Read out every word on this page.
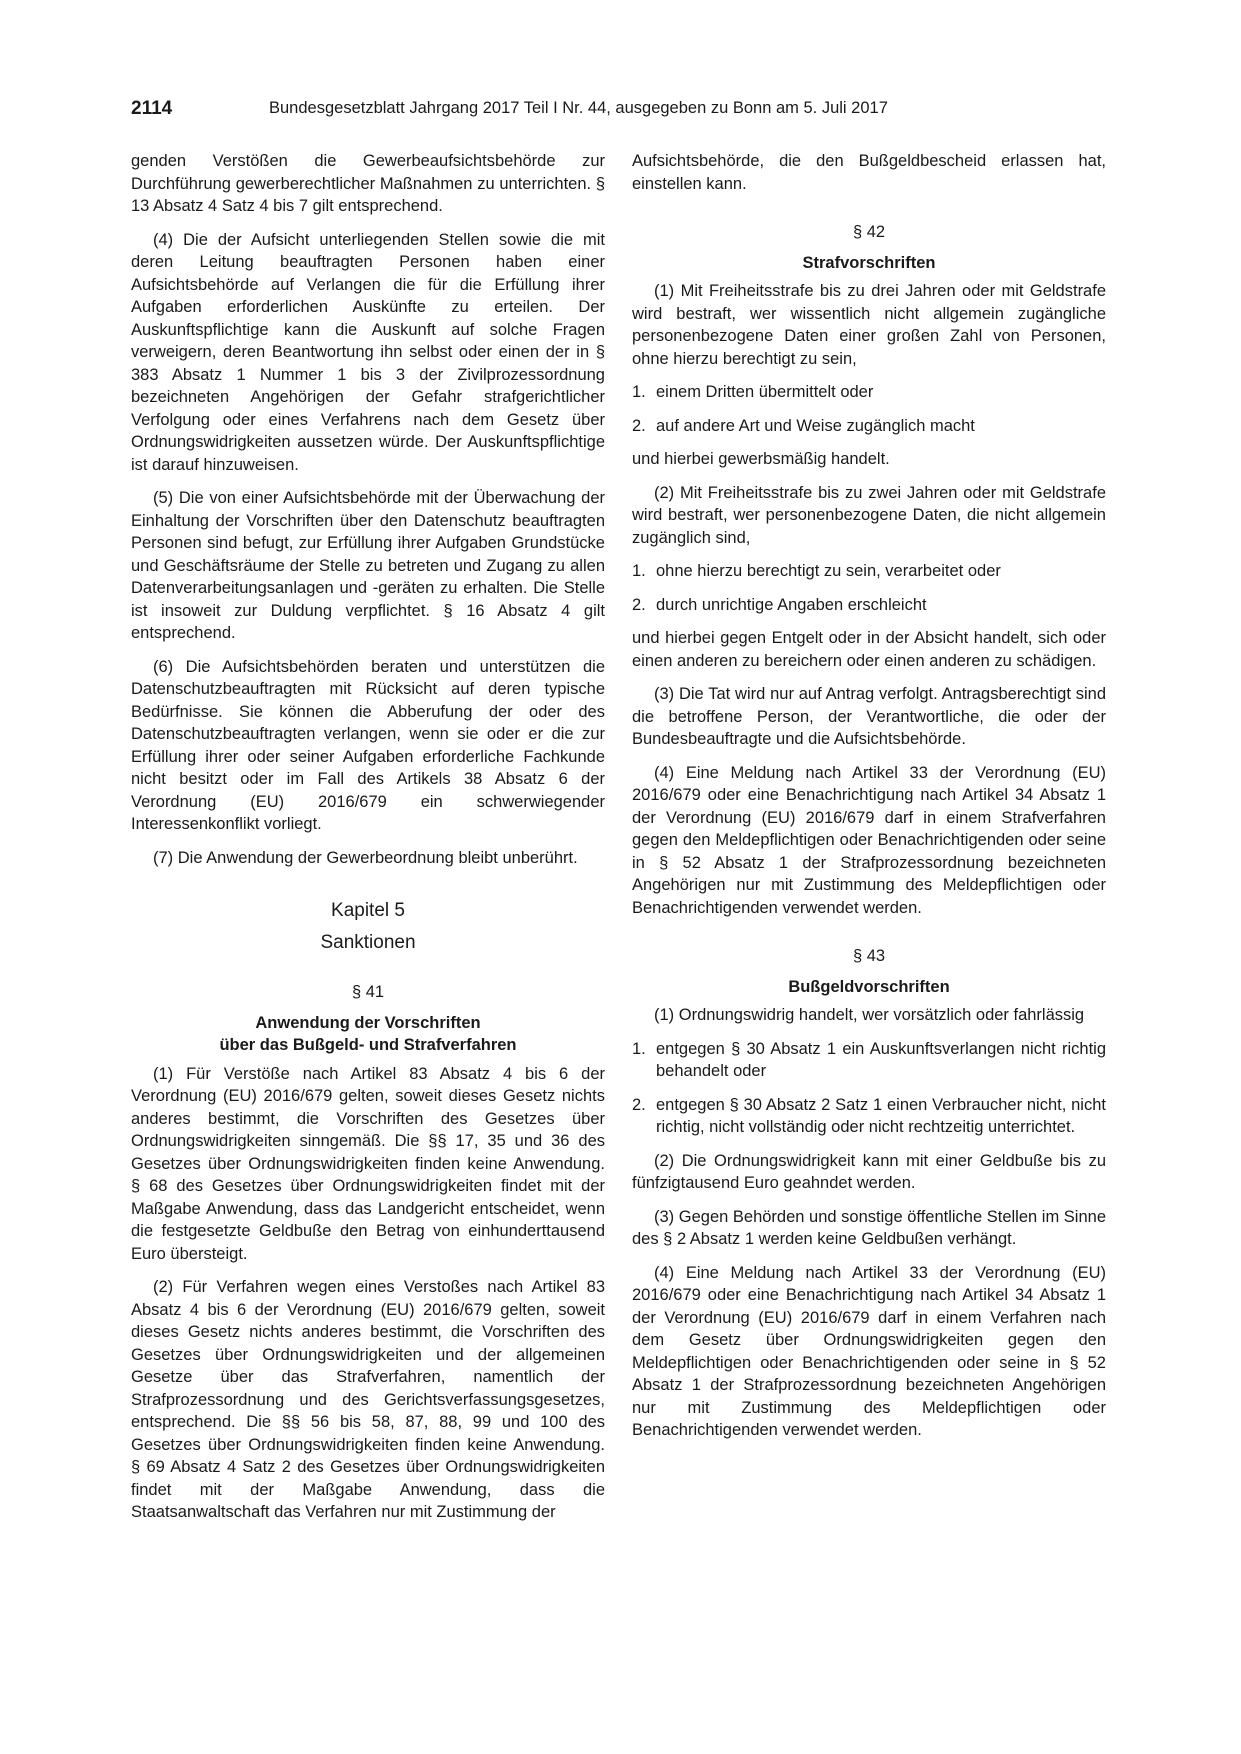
2114	Bundesgesetzblatt Jahrgang 2017 Teil I Nr. 44, ausgegeben zu Bonn am 5. Juli 2017

genden Verstößen die Gewerbeaufsichtsbehörde zur Durchführung gewerberechtlicher Maßnahmen zu unterrichten. § 13 Absatz 4 Satz 4 bis 7 gilt entsprechend.

(4) Die der Aufsicht unterliegenden Stellen sowie die mit deren Leitung beauftragten Personen haben einer Aufsichtsbehörde auf Verlangen die für die Erfüllung ihrer Aufgaben erforderlichen Auskünfte zu erteilen. Der Auskunftspflichtige kann die Auskunft auf solche Fragen verweigern, deren Beantwortung ihn selbst oder einen der in § 383 Absatz 1 Nummer 1 bis 3 der Zivilprozessordnung bezeichneten Angehörigen der Gefahr strafgerichtlicher Verfolgung oder eines Verfahrens nach dem Gesetz über Ordnungswidrigkeiten aussetzen würde. Der Auskunftspflichtige ist darauf hinzuweisen.

(5) Die von einer Aufsichtsbehörde mit der Überwachung der Einhaltung der Vorschriften über den Datenschutz beauftragten Personen sind befugt, zur Erfüllung ihrer Aufgaben Grundstücke und Geschäftsräume der Stelle zu betreten und Zugang zu allen Datenverarbeitungsanlagen und -geräten zu erhalten. Die Stelle ist insoweit zur Duldung verpflichtet. § 16 Absatz 4 gilt entsprechend.

(6) Die Aufsichtsbehörden beraten und unterstützen die Datenschutzbeauftragten mit Rücksicht auf deren typische Bedürfnisse. Sie können die Abberufung der oder des Datenschutzbeauftragten verlangen, wenn sie oder er die zur Erfüllung ihrer oder seiner Aufgaben erforderliche Fachkunde nicht besitzt oder im Fall des Artikels 38 Absatz 6 der Verordnung (EU) 2016/679 ein schwerwiegender Interessenkonflikt vorliegt.

(7) Die Anwendung der Gewerbeordnung bleibt unberührt.

Kapitel 5
Sanktionen
§ 41
Anwendung der Vorschriften
über das Bußgeld- und Strafverfahren

(1) Für Verstöße nach Artikel 83 Absatz 4 bis 6 der Verordnung (EU) 2016/679 gelten, soweit dieses Gesetz nichts anderes bestimmt, die Vorschriften des Gesetzes über Ordnungswidrigkeiten sinngemäß. Die §§ 17, 35 und 36 des Gesetzes über Ordnungswidrigkeiten finden keine Anwendung. § 68 des Gesetzes über Ordnungswidrigkeiten findet mit der Maßgabe Anwendung, dass das Landgericht entscheidet, wenn die festgesetzte Geldbuße den Betrag von einhunderttausend Euro übersteigt.

(2) Für Verfahren wegen eines Verstoßes nach Artikel 83 Absatz 4 bis 6 der Verordnung (EU) 2016/679 gelten, soweit dieses Gesetz nichts anderes bestimmt, die Vorschriften des Gesetzes über Ordnungswidrigkeiten und der allgemeinen Gesetze über das Strafverfahren, namentlich der Strafprozessordnung und des Gerichtsverfassungsgesetzes, entsprechend. Die §§ 56 bis 58, 87, 88, 99 und 100 des Gesetzes über Ordnungswidrigkeiten finden keine Anwendung. § 69 Absatz 4 Satz 2 des Gesetzes über Ordnungswidrigkeiten findet mit der Maßgabe Anwendung, dass die Staatsanwaltschaft das Verfahren nur mit Zustimmung der

Aufsichtsbehörde, die den Bußgeldbescheid erlassen hat, einstellen kann.

§ 42
Strafvorschriften

(1) Mit Freiheitsstrafe bis zu drei Jahren oder mit Geldstrafe wird bestraft, wer wissentlich nicht allgemein zugängliche personenbezogene Daten einer großen Zahl von Personen, ohne hierzu berechtigt zu sein,

1. einem Dritten übermittelt oder
2. auf andere Art und Weise zugänglich macht

und hierbei gewerbsmäßig handelt.

(2) Mit Freiheitsstrafe bis zu zwei Jahren oder mit Geldstrafe wird bestraft, wer personenbezogene Daten, die nicht allgemein zugänglich sind,

1. ohne hierzu berechtigt zu sein, verarbeitet oder
2. durch unrichtige Angaben erschleicht

und hierbei gegen Entgelt oder in der Absicht handelt, sich oder einen anderen zu bereichern oder einen anderen zu schädigen.

(3) Die Tat wird nur auf Antrag verfolgt. Antragsberechtigt sind die betroffene Person, der Verantwortliche, die oder der Bundesbeauftragte und die Aufsichtsbehörde.

(4) Eine Meldung nach Artikel 33 der Verordnung (EU) 2016/679 oder eine Benachrichtigung nach Artikel 34 Absatz 1 der Verordnung (EU) 2016/679 darf in einem Strafverfahren gegen den Meldepflichtigen oder Benachrichtigenden oder seine in § 52 Absatz 1 der Strafprozessordnung bezeichneten Angehörigen nur mit Zustimmung des Meldepflichtigen oder Benachrichtigenden verwendet werden.

§ 43
Bußgeldvorschriften

(1) Ordnungswidrig handelt, wer vorsätzlich oder fahrlässig

1. entgegen § 30 Absatz 1 ein Auskunftsverlangen nicht richtig behandelt oder
2. entgegen § 30 Absatz 2 Satz 1 einen Verbraucher nicht, nicht richtig, nicht vollständig oder nicht rechtzeitig unterrichtet.

(2) Die Ordnungswidrigkeit kann mit einer Geldbuße bis zu fünfzigtausend Euro geahndet werden.

(3) Gegen Behörden und sonstige öffentliche Stellen im Sinne des § 2 Absatz 1 werden keine Geldbußen verhängt.

(4) Eine Meldung nach Artikel 33 der Verordnung (EU) 2016/679 oder eine Benachrichtigung nach Artikel 34 Absatz 1 der Verordnung (EU) 2016/679 darf in einem Verfahren nach dem Gesetz über Ordnungswidrigkeiten gegen den Meldepflichtigen oder Benachrichtigenden oder seine in § 52 Absatz 1 der Strafprozessordnung bezeichneten Angehörigen nur mit Zustimmung des Meldepflichtigen oder Benachrichtigenden verwendet werden.
